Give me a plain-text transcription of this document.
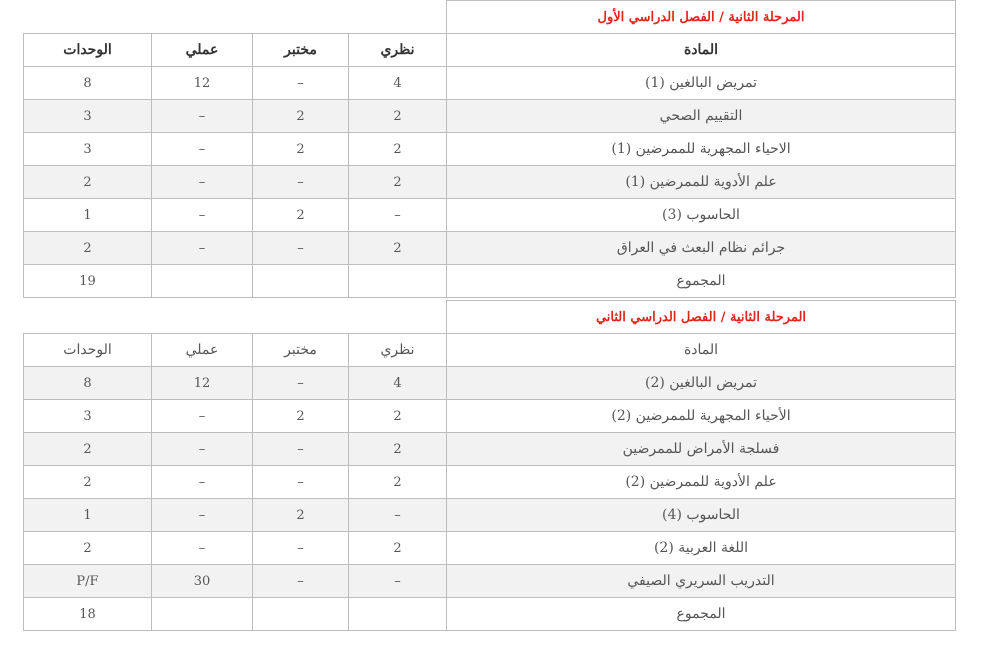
				المرحلة الثانية / الفصل الدراسي الأول
الوحدات	عملي	مختبر	نظري	المادة
8	12	–	4	تمريض البالغين (1)
3	–	2	2	التقييم الصحي
3	–	2	2	الاحياء المجهرية للممرضين (1)
2	–	–	2	علم الأدوية للممرضين (1)
1	–	2	–	الحاسوب (3)
2	–	–	2	جرائم نظام البعث في العراق
19				المجموع
				المرحلة الثانية / الفصل الدراسي الثاني
الوحدات	عملي	مختبر	نظري	المادة
8	12	–	4	تمريض البالغين (2)
3	–	2	2	الأحياء المجهرية للممرضين (2)
2	–	–	2	فسلجة الأمراض للممرضين
2	–	–	2	علم الأدوية للممرضين (2)
1	–	2	–	الحاسوب (4)
2	–	–	2	اللغة العربية (2)
P/F	30	–	–	التدريب السريري الصيفي
18				المجموع
